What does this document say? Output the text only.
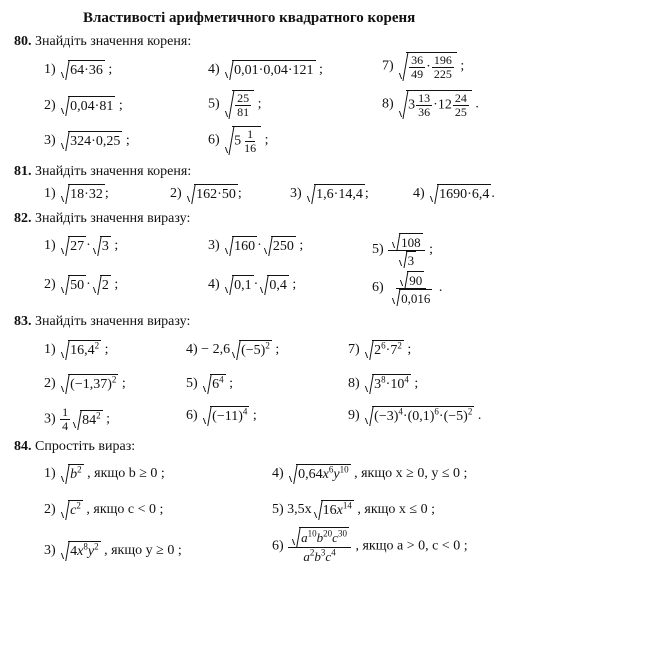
Властивості арифметичного квадратного кореня
80. Знайдіть значення кореня:
1) 64·36 ;
2) 0,04·81 ;
3) 324·0,25 ;
4) 0,01·0,04·121 ;
$5) \frac{25}{81}$ ;
6) $5 \frac{1}{16}$ ;
$7) \frac{36}{49} \cdot \frac{196}{225}$ ;
8) $3 \frac{13}{36} \cdot 12 \frac{24}{25}$ .
81. Знайдіть значення кореня:
1) 18·32 ;	2) 162·50 ;	3) 1,6·14,4 ;	4) 1690·6,4 .
82. Знайдіть значення виразу:
1) 27 · 3 ;
2) 50 · 2 ;
3) 160 · 250 ;
4) 0,1 · 0,4 ;
$5) \frac{108}{3}$ ;
$6) \frac{90}{0,016}$ .
83. Знайдіть значення виразу:
1) 16,4$^2$ ;
2) $(-1,37)^2$ ;
$3) \frac{1}{4} 84^2$ ;
4) − 2,6 $(-5)^2$ ;
5) $6^4$ ;
6) $(-11)^4$ ;
7) $2^6\cdot 7^2$ ;
8) $3^8\cdot 10^4$ ;
9) $(-3)^4\cdot(0,1)^6\cdot(-5)^2$ .
84. Спростіть вираз:
1) $b^2$ , якщо b ≥ 0 ;
2) $c^2$ , якщо c < 0 ;
3) $4x^8y^2$ , якщо y ≥ 0 ;
4) $0,64x^6y^{10}$ , якщо x ≥ 0, y ≤ 0 ;
5) 3,5x $16x^{14}$ , якщо x ≤ 0 ;
$6) \frac{a^{10}b^{20}c^{30}}{a^2b^3c^4}$ , якщо a > 0, c < 0 ;
